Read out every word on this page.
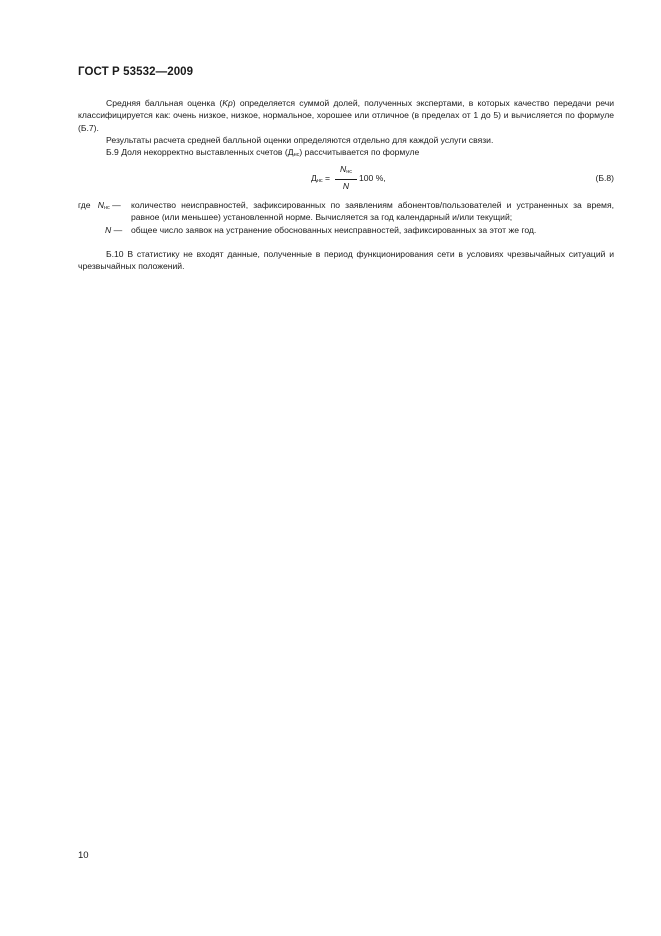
ГОСТ Р 53532—2009

Средняя балльная оценка (Kp) определяется суммой долей, полученных экспертами, в которых качество передачи речи классифицируется как: очень низкое, низкое, нормальное, хорошее или отличное (в пределах от 1 до 5) и вычисляется по формуле (Б.7).

Результаты расчета средней балльной оценки определяются отдельно для каждой услуги связи.

Б.9 Доля некорректно выставленных счетов $(Д_{нс})$ рассчитывается по формуле

$Д_{нс}$ =
$N_{нс}$
N
100 %,	(Б.8)
где $N_{нс}$ — количество неисправностей, зафиксированных по заявлениям абонентов/пользователей и устраненных за время, равное (или меньшее) установленной норме. Вычисляется за год календарный и/или текущий;
N — общее число заявок на устранение обоснованных неисправностей, зафиксированных за этот же год.

Б.10 В статистику не входят данные, полученные в период функционирования сети в условиях чрезвычайных ситуаций и чрезвычайных положений.

10
